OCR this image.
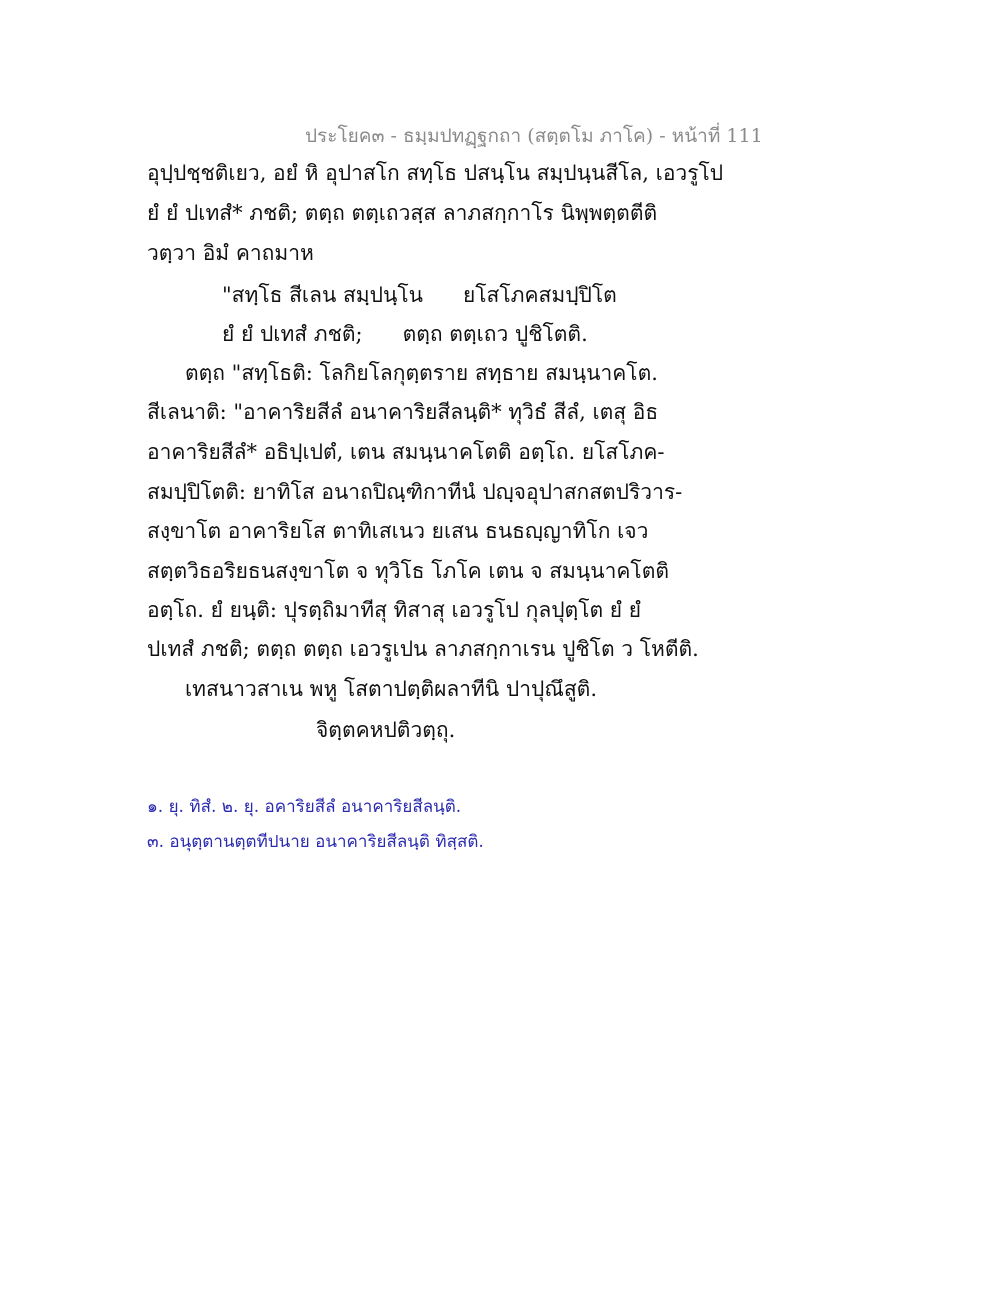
ประโยค๓ - ธมฺมปทฏฺฐกถา (สตฺตโม ภาโค) - หน้าที่ 111
อุปฺปชฺชติเยว, อยํ หิ อุปาสโก สทฺโธ ปสนฺโน สมฺปนฺนสีโล, เอวรูโป
ยํ ยํ ปเทสํ* ภชติ; ตตฺถ ตตฺเถวสฺส ลาภสกฺกาโร นิพฺพตฺตตีติ
วตฺวา อิมํ คาถมาห
"สทฺโธ สีเลน สมฺปนฺโน ยโสโภคสมปฺปิโต
ยํ ยํ ปเทสํ ภชติ; ตตฺถ ตตฺเถว ปูชิโตติ.
ตตฺถ "สทฺโธติ: โลกิยโลกุตฺตราย สทฺธาย สมนฺนาคโต.
สีเลนาติ: "อาคาริยสีลํ อนาคาริยสีลนฺติ* ทุวิธํ สีลํ, เตสุ อิธ
อาคาริยสีลํ* อธิปฺเปตํ, เตน สมนฺนาคโตติ อตฺโถ. ยโสโภค-
สมปฺปิโตติ: ยาทิโส อนาถปิณฺฑิกาทีนํ ปญฺจอุปาสกสตปริวาร-
สงฺขาโต อาคาริยโส ตาทิเสเนว ยเสน ธนธญฺญาทิโก เจว
สตฺตวิธอริยธนสงฺขาโต จ ทุวิโธ โภโค เตน จ สมนฺนาคโตติ
อตฺโถ. ยํ ยนฺติ: ปุรตฺถิมาทีสุ ทิสาสุ เอวรูโป กุลปุตฺโต ยํ ยํ
ปเทสํ ภชติ; ตตฺถ ตตฺถ เอวรูเปน ลาภสกฺกาเรน ปูชิโต ว โหตีติ.
เทสนาวสาเน พหู โสตาปตฺติผลาทีนิ ปาปุณึสูติ.
จิตฺตคหปติวตฺถุ.
๑. ยุ. ทิสํ. ๒. ยุ. อคาริยสีลํ อนาคาริยสีลนฺติ.
๓. อนุตฺตานตฺตทีปนาย อนาคาริยสีลนฺติ ทิสฺสติ.
